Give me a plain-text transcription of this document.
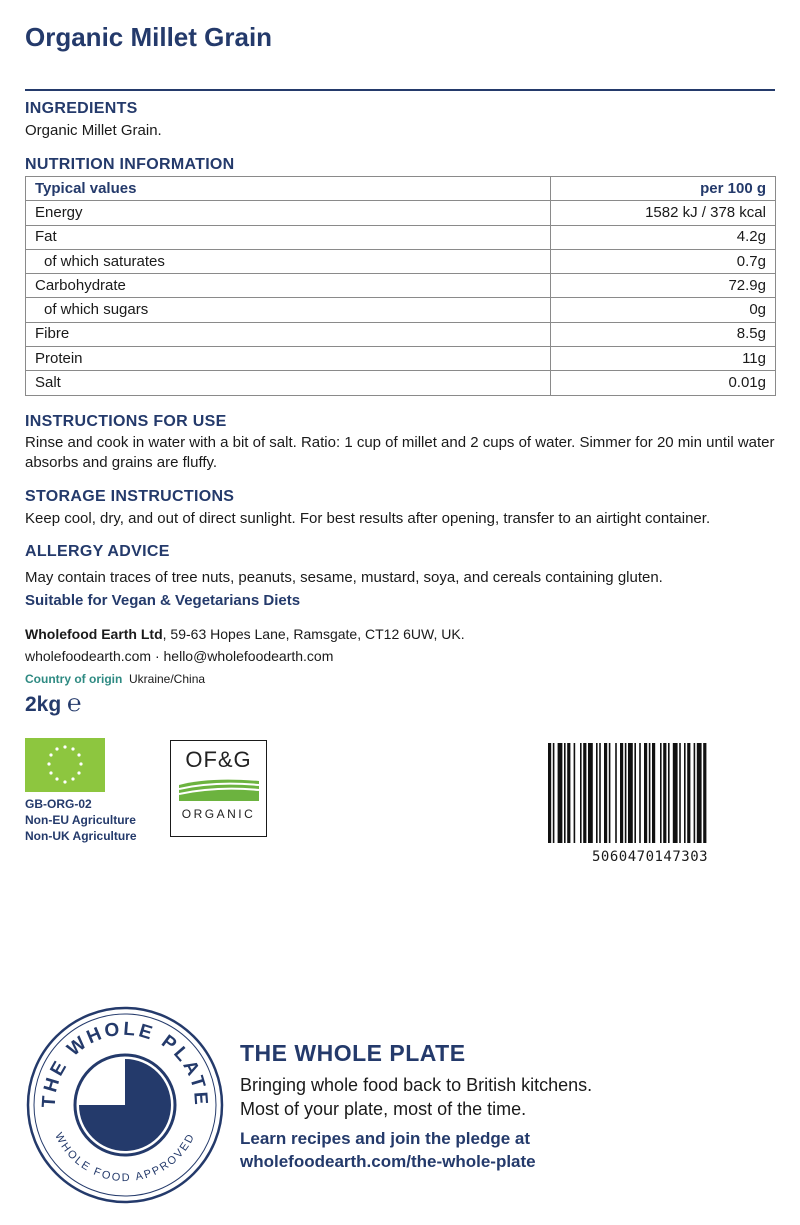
Organic Millet Grain
INGREDIENTS
Organic Millet Grain.
NUTRITION INFORMATION
Typical values	per 100 g
Energy	1582 kJ / 378 kcal
Fat	4.2g
of which saturates	0.7g
Carbohydrate	72.9g
of which sugars	0g
Fibre	8.5g
Protein	11g
Salt	0.01g
INSTRUCTIONS FOR USE
Rinse and cook in water with a bit of salt. Ratio: 1 cup of millet and 2 cups of water. Simmer for 20 min until water absorbs and grains are fluffy.
STORAGE INSTRUCTIONS
Keep cool, dry, and out of direct sunlight. For best results after opening, transfer to an airtight container.
ALLERGY ADVICE
May contain traces of tree nuts, peanuts, sesame, mustard, soya, and cereals containing gluten.
Suitable for Vegan & Vegetarians Diets
Wholefood Earth Ltd, 59-63 Hopes Lane, Ramsgate, CT12 6UW, UK.
wholefoodearth.com · hello@wholefoodearth.com
Country of origin Ukraine/China
2kg ℮
GB-ORG-02
Non-EU Agriculture
Non-UK Agriculture
OF&G
ORGANIC
5060470147303
THE WHOLE PLATE
WHOLE FOOD APPROVED
THE WHOLE PLATE
Bringing whole food back to British kitchens.
Most of your plate, most of the time.
Learn recipes and join the pledge at
wholefoodearth.com/the-whole-plate
